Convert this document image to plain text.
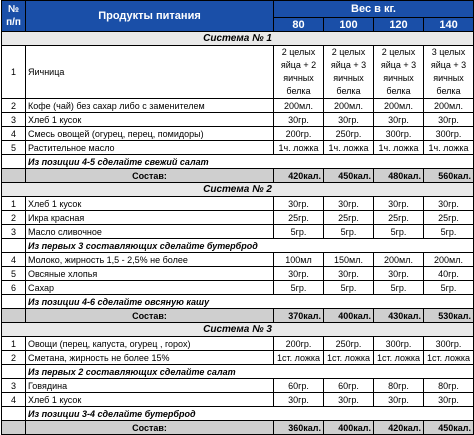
№
п/п	Продукты питания	Вес в кг.			
		80	100	120	140
Система № 1					
1	Яичница	2 целых яйца + 2 яичных белка	2 целых яйца + 3 яичных белка	2 целых яйца + 3 яичных белка	3 целых яйца + 3 яичных белка
2	Кофе (чай) без сахар либо с заменителем	200мл.	200мл.	200мл.	200мл.
3	Хлеб 1 кусок	30гр.	30гр.	30гр.	30гр.
4	Смесь овощей (огурец, перец, помидоры)	200гр.	250гр.	300гр.	300гр.
5	Растительное масло	1ч. ложка	1ч. ложка	1ч. ложка	1ч. ложка
	Из позиции 4-5 сделайте свежий салат				
	Состав:	420кал.	450кал.	480кал.	560кал.
Система № 2					
1	Хлеб 1 кусок	30гр.	30гр.	30гр.	30гр.
2	Икра красная	25гр.	25гр.	25гр.	25гр.
3	Масло сливочное	5гр.	5гр.	5гр.	5гр.
	Из первых 3 составляющих сделайте бутерброд				
4	Молоко, жирность 1,5 - 2,5% не более	100мл	150мл.	200мл.	200мл.
5	Овсяные хлопья	30гр.	30гр.	30гр.	40гр.
6	Сахар	5гр.	5гр.	5гр.	5гр.
	Из позиции 4-6 сделайте овсяную кашу				
	Состав:	370кал.	400кал.	430кал.	530кал.
Система № 3					
1	Овощи (перец, капуста, огурец , горох)	200гр.	250гр.	300гр.	300гр.
2	Сметана, жирность не более 15%	1ст. ложка	1ст. ложка	1ст. ложка	1ст. ложка
	Из первых 2 составляющих сделайте салат				
3	Говядина	60гр.	60гр.	80гр.	80гр.
4	Хлеб 1 кусок	30гр.	30гр.	30гр.	30гр.
	Из позиции 3-4 сделайте бутерброд				
	Состав:	360кал.	400кал.	420кал.	450кал.
